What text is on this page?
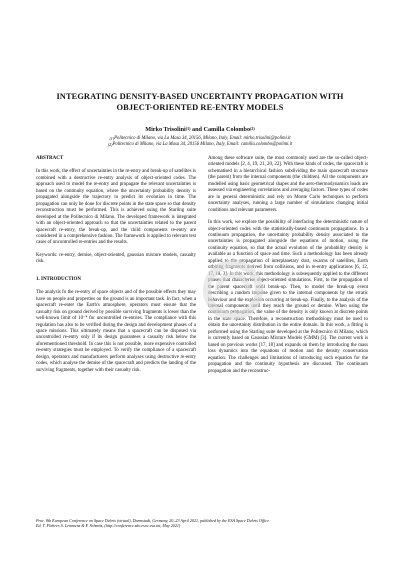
INTEGRATING DENSITY-BASED UNCERTAINTY PROPAGATION WITH
OBJECT-ORIENTED RE-ENTRY MODELS
Mirko Trisolini$^{(1)}$ and Camilla Colombo$^{(2)}$
$^{(1)}$Politecnico di Milano, via La Masa 34, 20156, Milano, Italy, Email: mirko.trisolini@polimi.it
$^{(2)}$Politecnico di Milano, via La Masa 34, 20156 Milano, Italy, Email: camilla.colombo@polimi.it

ABSTRACT

In this work, the effect of uncertainties in the re-entry and break-up of satellites is combined with a destructive re-entry analysis of object-oriented codes. The approach used to model the re-entry and propagate the relevant uncertainties is based on the continuity equation, where the uncertainty probability density is propagated alongside the trajectory to predict its evolution in time. The propagation can only be done for discrete points in the state space so that density reconstruction must be performed. This is achieved using the Starling suite developed at the Politecnico di Milano. The developed framework is integrated with an object-oriented approach so that the uncertainties related to the parent spacecraft re-entry, the break-up, and the child components re-entry are considered in a comprehensive fashion. The framework is applied to relevant test cases of uncontrolled re-entries and the results.

Keywords: re-entry, demise, object-oriented, gaussian mixture models, casualty risk.

1. INTRODUCTION

The analysis fo the re-entry of space objects and of the possible effects they may have on people and properties on the ground is an important task. In fact, when a spacecraft re-enter the Earth's atmosphere, operators must ensure that the casualty risk on ground derived by possible surviving fragments is lower than the well-known limit of 10⁻⁴ for uncontrolled re-entries. The compliance with this regulation has also to be verified during the design and development phases of a space missions. This ultimately means that a spacecraft can be disposed via uncontrolled re-entry only if its design guarantees a casualty risk below the aforementioned threshold. In case this is not possible, more expensive controlled re-entry strategies must be employed. To verify the compliance of a spacecraft design, operators and manufacturers perform analyses using destructive re-entry codes, which analyse the demise of the spacecraft and predicts the landing of the surviving fragments, together with their casualty risk.

Among these software suite, the most commonly used are the so-called object-oriented models [2, 4, 19, 21, 20, 22]. With these kinds of codes, the spacecraft is schematised in a hierarchical fashion subdividing the main spacecraft structure (the parent) from the internal components (the children). All the components are modelled using basic geometrical shapes and the aero-thermodynamics loads are assessed via engineering correlations and averaging factors. These types of codes are in general deterministic and rely on Monte Carlo techniques to perform uncertainty analyses, running a large number of simulations changing initial conditions and relevant parameters.

In this work, we explore the possibility of interfacing the deterministic nature of object-oriented codes with the statistically-based continuum propagations. In a continuum propagation, the uncertainty probability density associated to the uncertainties is propagated alongside the equations of motion, using the continuity equation, so that the actual evolution of the probability density is available as a function of space and time. Such a methodology has been already applied to the propagation of interplanetary dust, swarms of satellites, Earth orbiting fragments derived from collisions, and in re-entry applications [6, 12, 17, 18, 3]. In this work, this methodology is subsequently applied to the different phases that characterise object-oriented simulations. First, to the propagation of the parent spacecraft until break-up. Then, to model the break-up event describing a random impulse given to the internal components by the erratic behaviour and the explosion occurring at break-up. Finally, to the analysis of the internal components until they reach the ground or demise. When using the continuum propagation, the value of the density is only known at discrete points in the state space. Therefore, a reconstruction methodology must be used to obtain the uncertainty distribution in the entire domain. In this work, a fitting is performed using the Starling suite developed at the Politecnico di Milano, which is currently based on Gaussian Mixture Models (GMM) [3]. The current work is based on previous works [17, 18] and expands on them by introducing the mass loss dynamics into the equations of motion and the density conservation equation. The challenges and limitations of introducing such equation for the propagation and the continuity hypothesis are discussed. The continuum propagation and the reconstruc-

Proc. 8th European Conference on Space Debris (virtual), Darmstadt, Germany, 20–23 April 2021, published by the ESA Space Debris Office
Ed. T. Flohrer, S. Lemmens & F. Schmitz, (http://conference.sdo.esoc.esa.int, May 2021)
